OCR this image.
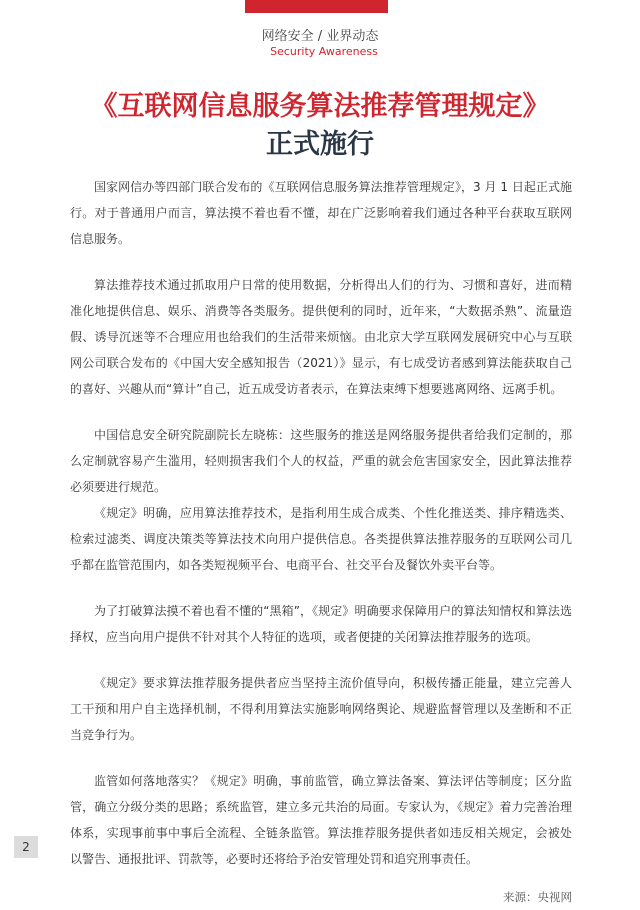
网络安全 / 业界动态
Security Awareness
《互联网信息服务算法推荐管理规定》
正式施行

国家网信办等四部门联合发布的《互联网信息服务算法推荐管理规定》，3 月 1 日起正式施行。对于普通用户而言，算法摸不着也看不懂，却在广泛影响着我们通过各种平台获取互联网信息服务。

算法推荐技术通过抓取用户日常的使用数据，分析得出人们的行为、习惯和喜好，进而精准化地提供信息、娱乐、消费等各类服务。提供便利的同时，近年来，“大数据杀熟”、流量造假、诱导沉迷等不合理应用也给我们的生活带来烦恼。由北京大学互联网发展研究中心与互联网公司联合发布的《中国大安全感知报告（2021）》显示，有七成受访者感到算法能获取自己的喜好、兴趣从而“算计”自己，近五成受访者表示，在算法束缚下想要逃离网络、远离手机。

中国信息安全研究院副院长左晓栋：这些服务的推送是网络服务提供者给我们定制的，那么定制就容易产生滥用，轻则损害我们个人的权益，严重的就会危害国家安全，因此算法推荐必须要进行规范。

《规定》明确，应用算法推荐技术，是指利用生成合成类、个性化推送类、排序精选类、检索过滤类、调度决策类等算法技术向用户提供信息。各类提供算法推荐服务的互联网公司几乎都在监管范围内，如各类短视频平台、电商平台、社交平台及餐饮外卖平台等。

为了打破算法摸不着也看不懂的“黑箱”，《规定》明确要求保障用户的算法知情权和算法选择权，应当向用户提供不针对其个人特征的选项，或者便捷的关闭算法推荐服务的选项。

《规定》要求算法推荐服务提供者应当坚持主流价值导向，积极传播正能量，建立完善人工干预和用户自主选择机制，不得利用算法实施影响网络舆论、规避监督管理以及垄断和不正当竞争行为。

监管如何落地落实？《规定》明确，事前监管，确立算法备案、算法评估等制度；区分监管，确立分级分类的思路；系统监管，建立多元共治的局面。专家认为，《规定》着力完善治理体系，实现事前事中事后全流程、全链条监管。算法推荐服务提供者如违反相关规定，会被处以警告、通报批评、罚款等，必要时还将给予治安管理处罚和追究刑事责任。

来源：央视网
2
